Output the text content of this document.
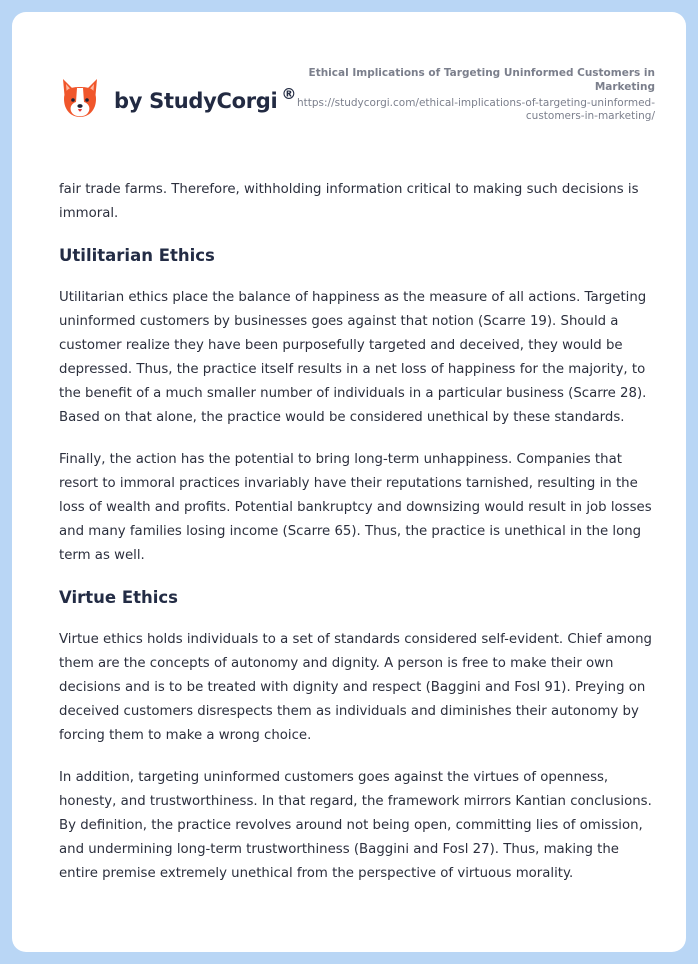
by StudyCorgi ®
Ethical Implications of Targeting Uninformed Customers in Marketing
https://studycorgi.com/ethical-implications-of-targeting-uninformed-customers-in-marketing/

fair trade farms. Therefore, withholding information critical to making such decisions is immoral.

Utilitarian Ethics

Utilitarian ethics place the balance of happiness as the measure of all actions. Targeting uninformed customers by businesses goes against that notion (Scarre 19). Should a customer realize they have been purposefully targeted and deceived, they would be depressed. Thus, the practice itself results in a net loss of happiness for the majority, to the benefit of a much smaller number of individuals in a particular business (Scarre 28). Based on that alone, the practice would be considered unethical by these standards.

Finally, the action has the potential to bring long-term unhappiness. Companies that resort to immoral practices invariably have their reputations tarnished, resulting in the loss of wealth and profits. Potential bankruptcy and downsizing would result in job losses and many families losing income (Scarre 65). Thus, the practice is unethical in the long term as well.

Virtue Ethics

Virtue ethics holds individuals to a set of standards considered self-evident. Chief among them are the concepts of autonomy and dignity. A person is free to make their own decisions and is to be treated with dignity and respect (Baggini and Fosl 91). Preying on deceived customers disrespects them as individuals and diminishes their autonomy by forcing them to make a wrong choice.

In addition, targeting uninformed customers goes against the virtues of openness, honesty, and trustworthiness. In that regard, the framework mirrors Kantian conclusions. By definition, the practice revolves around not being open, committing lies of omission, and undermining long-term trustworthiness (Baggini and Fosl 27). Thus, making the entire premise extremely unethical from the perspective of virtuous morality.
